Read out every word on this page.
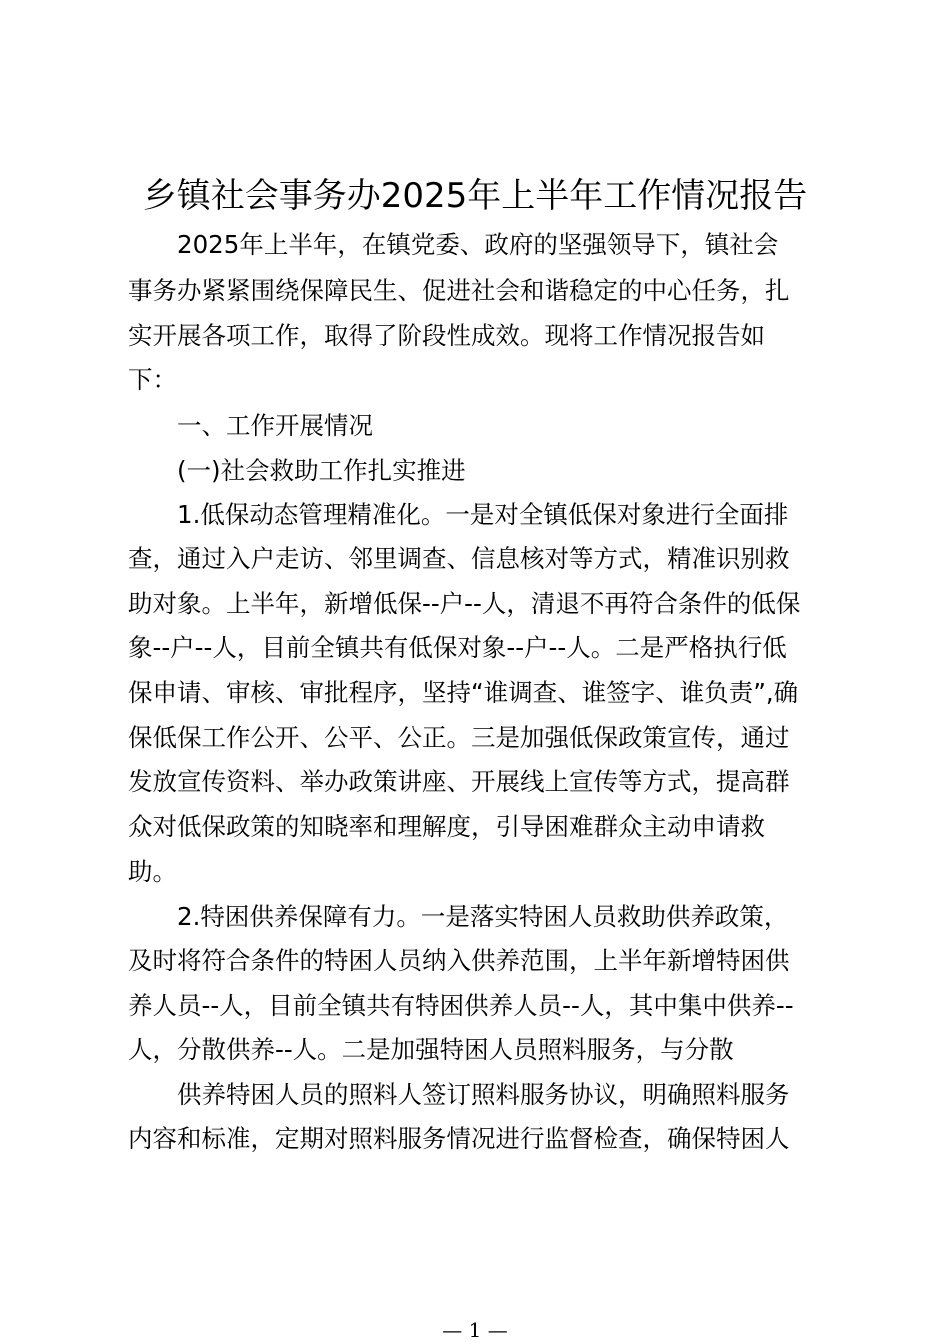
乡镇社会事务办2025年上半年工作情况报告
2025年上半年，在镇党委、政府的坚强领导下，镇社会
事务办紧紧围绕保障民生、促进社会和谐稳定的中心任务，扎
实开展各项工作，取得了阶段性成效。现将工作情况报告如
下：
一、工作开展情况
(一)社会救助工作扎实推进
1.低保动态管理精准化。一是对全镇低保对象进行全面排
查，通过入户走访、邻里调查、信息核对等方式，精准识别救
助对象。上半年，新增低保--户--人，清退不再符合条件的低保
象--户--人，目前全镇共有低保对象--户--人。二是严格执行低
保申请、审核、审批程序，坚持“谁调查、谁签字、谁负责”,确
保低保工作公开、公平、公正。三是加强低保政策宣传，通过
发放宣传资料、举办政策讲座、开展线上宣传等方式，提高群
众对低保政策的知晓率和理解度，引导困难群众主动申请救
助。
2.特困供养保障有力。一是落实特困人员救助供养政策，
及时将符合条件的特困人员纳入供养范围，上半年新增特困供
养人员--人，目前全镇共有特困供养人员--人，其中集中供养--
人，分散供养--人。二是加强特困人员照料服务，与分散
供养特困人员的照料人签订照料服务协议，明确照料服务
内容和标准，定期对照料服务情况进行监督检查，确保特困人
— 1 —
